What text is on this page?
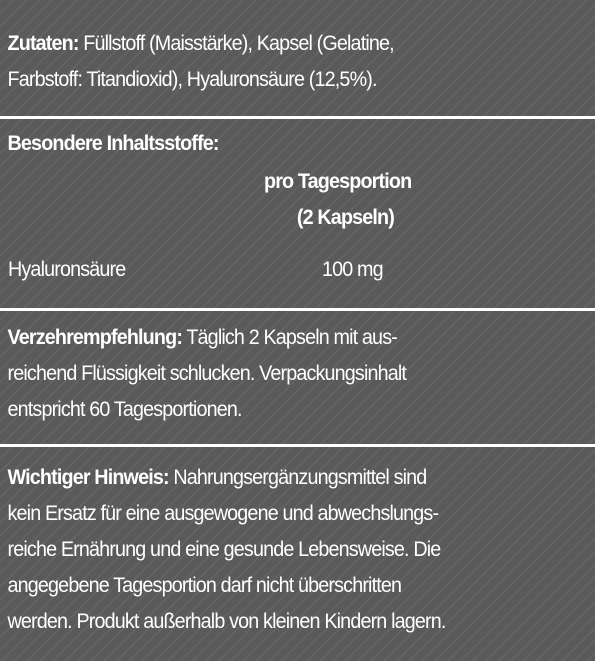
Zutaten: Füllstoff (Maisstärke), Kapsel (Gelatine,
Farbstoff: Titandioxid), Hyaluronsäure (12,5%).
Besondere Inhaltsstoffe:
pro Tagesportion
(2 Kapseln)
Hyaluronsäure	100 mg
Verzehrempfehlung: Täglich 2 Kapseln mit aus-
reichend Flüssigkeit schlucken. Verpackungsinhalt
entspricht 60 Tagesportionen.
Wichtiger Hinweis: Nahrungsergänzungsmittel sind
kein Ersatz für eine ausgewogene und abwechslungs-
reiche Ernährung und eine gesunde Lebensweise. Die
angegebene Tagesportion darf nicht überschritten
werden. Produkt außerhalb von kleinen Kindern lagern.
